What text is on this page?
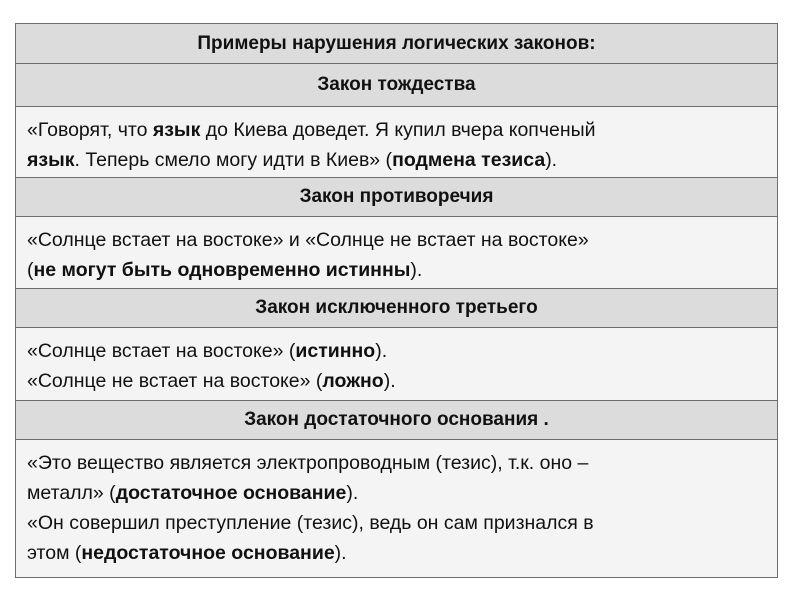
Примеры нарушения логических законов:
Закон тождества
«Говорят, что язык до Киева доведет. Я купил вчера копченый
язык. Теперь смело могу идти в Киев» (подмена тезиса).
Закон противоречия
«Солнце встает на востоке» и «Солнце не встает на востоке»
(не могут быть одновременно истинны).
Закон исключенного третьего
«Солнце встает на востоке» (истинно).
«Солнце не встает на востоке» (ложно).
Закон достаточного основания .
«Это вещество является электропроводным (тезис), т.к. оно –
металл» (достаточное основание).
«Он совершил преступление (тезис), ведь он сам признался в
этом (недостаточное основание).
